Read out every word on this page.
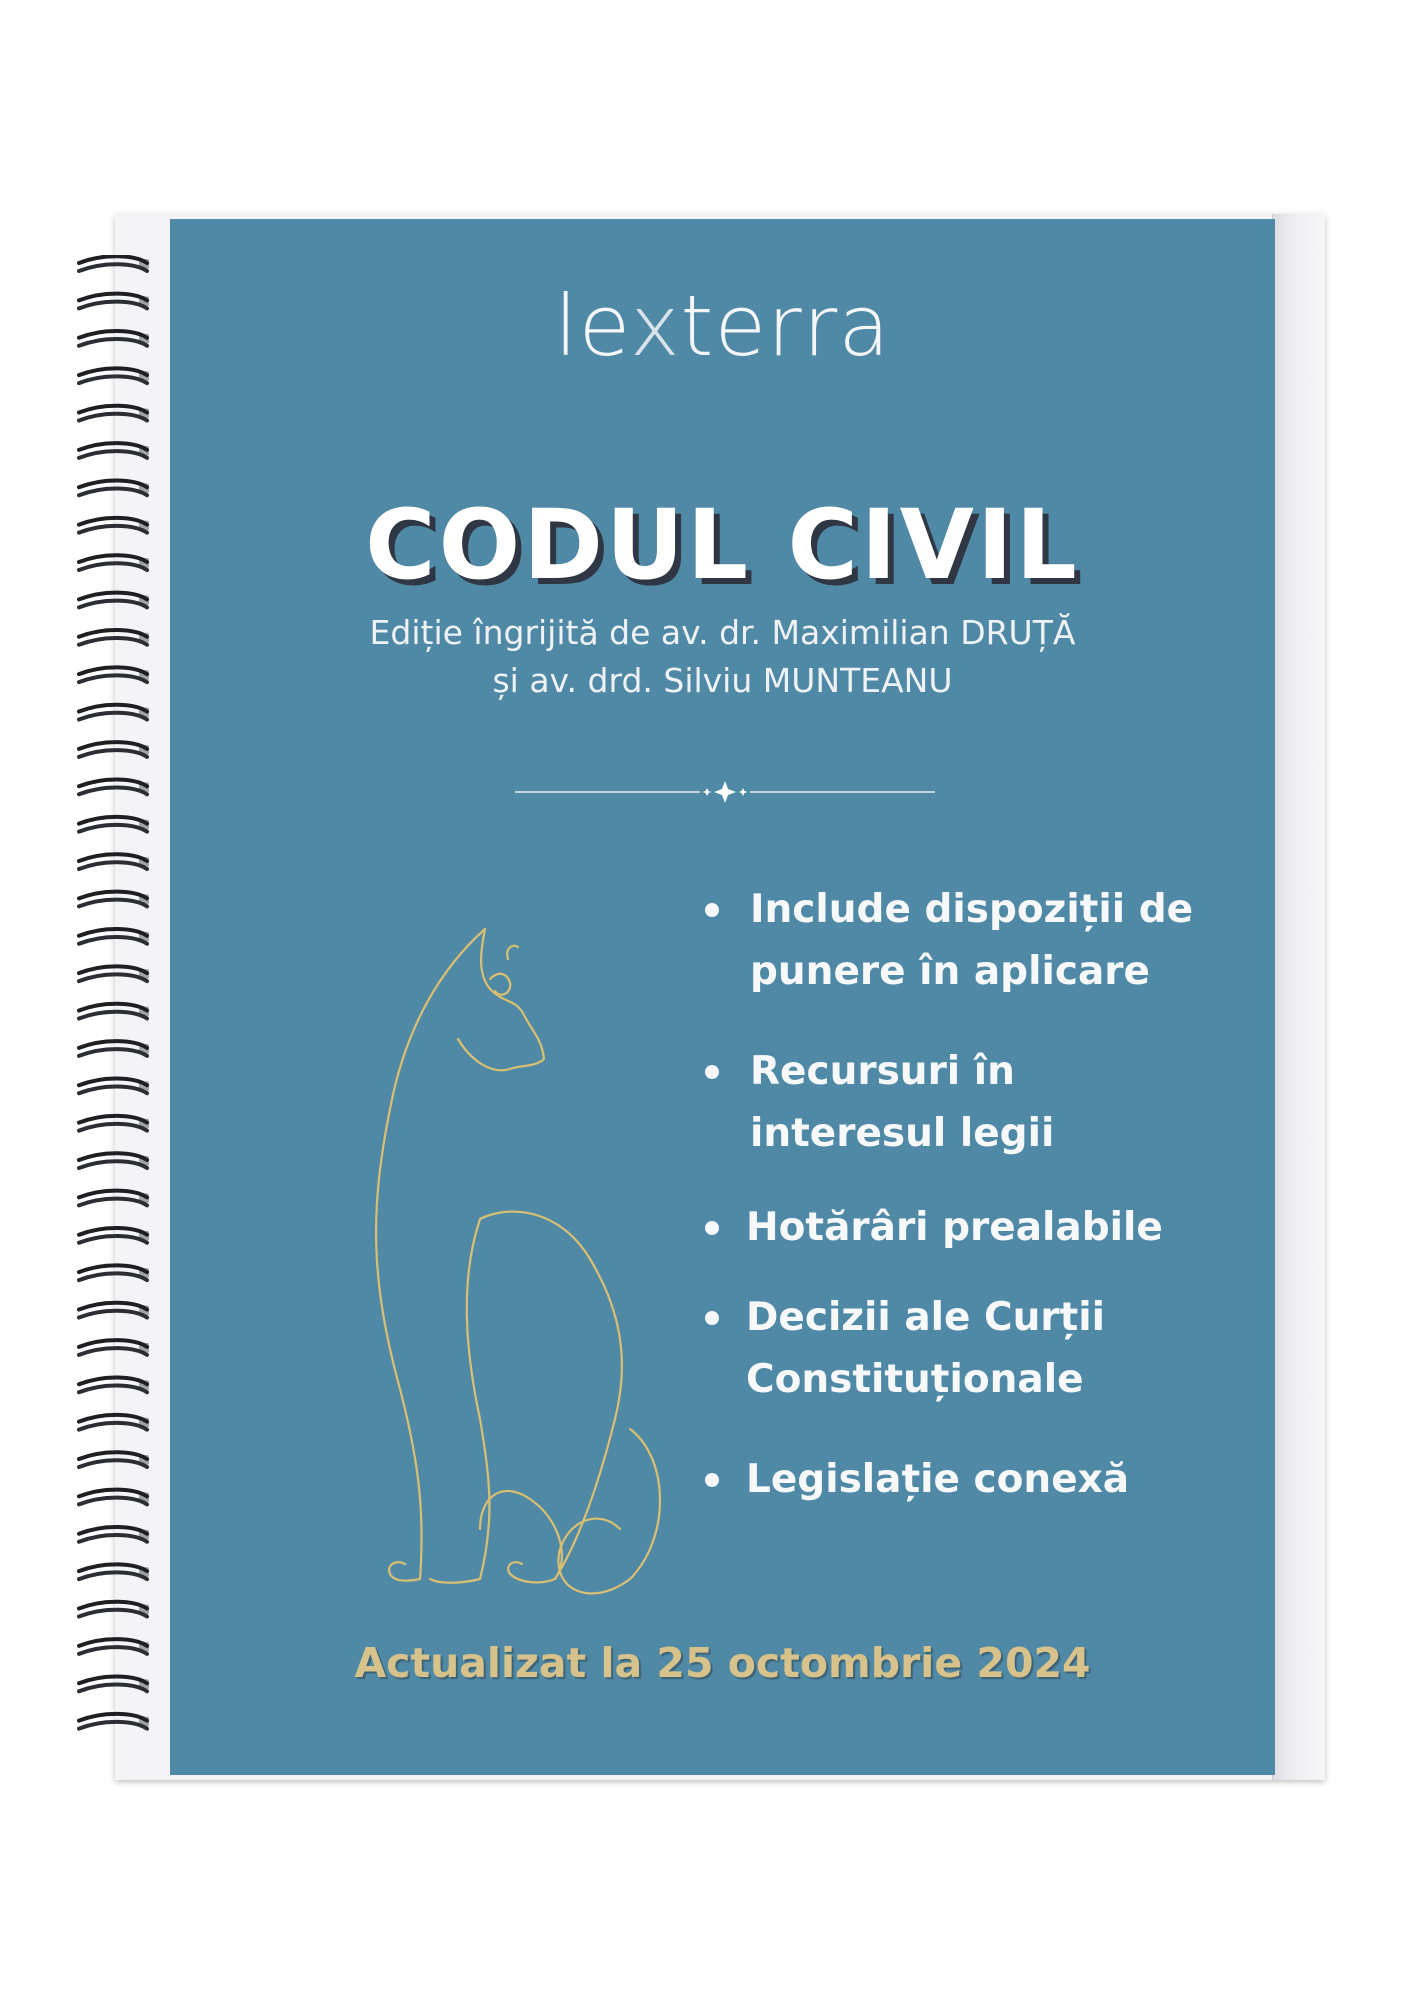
lexterra
CODUL CIVIL
Ediție îngrijită de av. dr. Maximilian DRUȚĂ
și av. drd. Silviu MUNTEANU
Include dispoziții de
punere în aplicare
Recursuri în
interesul legii
Hotărâri prealabile
Decizii ale Curții
Constituționale
Legislație conexă
Actualizat la 25 octombrie 2024
